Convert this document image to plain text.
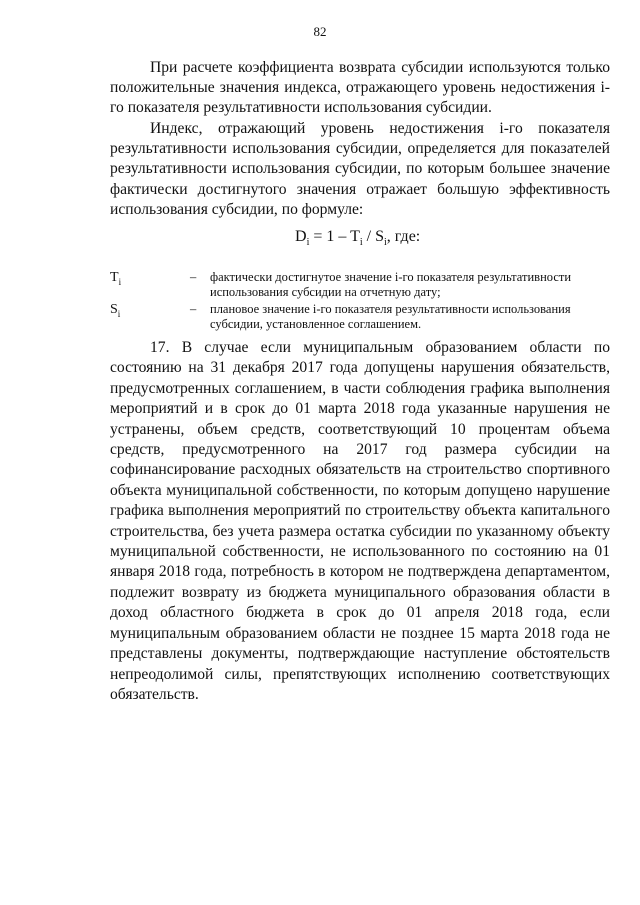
82

При расчете коэффициента возврата субсидии используются только положительные значения индекса, отражающего уровень недостижения i-го показателя результативности использования субсидии.

Индекс, отражающий уровень недостижения i-го показателя результативности использования субсидии, определяется для показателей результативности использования субсидии, по которым большее значение фактически достигнутого значения отражает большую эффективность использования субсидии, по формуле:

$D_i = 1 - T_i / S_i$, где:
$T_i$	– фактически достигнутое значение i-го показателя результативности использования субсидии на отчетную дату;
$S_i$	– плановое значение i-го показателя результативности использования субсидии, установленное соглашением.

17. В случае если муниципальным образованием области по состоянию на 31 декабря 2017 года допущены нарушения обязательств, предусмотренных соглашением, в части соблюдения графика выполнения мероприятий и в срок до 01 марта 2018 года указанные нарушения не устранены, объем средств, соответствующий 10 процентам объема средств, предусмотренного на 2017 год размера субсидии на софинансирование расходных обязательств на строительство спортивного объекта муниципальной собственности, по которым допущено нарушение графика выполнения мероприятий по строительству объекта капитального строительства, без учета размера остатка субсидии по указанному объекту муниципальной собственности, не использованного по состоянию на 01 января 2018 года, потребность в котором не подтверждена департаментом, подлежит возврату из бюджета муниципального образования области в доход областного бюджета в срок до 01 апреля 2018 года, если муниципальным образованием области не позднее 15 марта 2018 года не представлены документы, подтверждающие наступление обстоятельств непреодолимой силы, препятствующих исполнению соответствующих обязательств.
